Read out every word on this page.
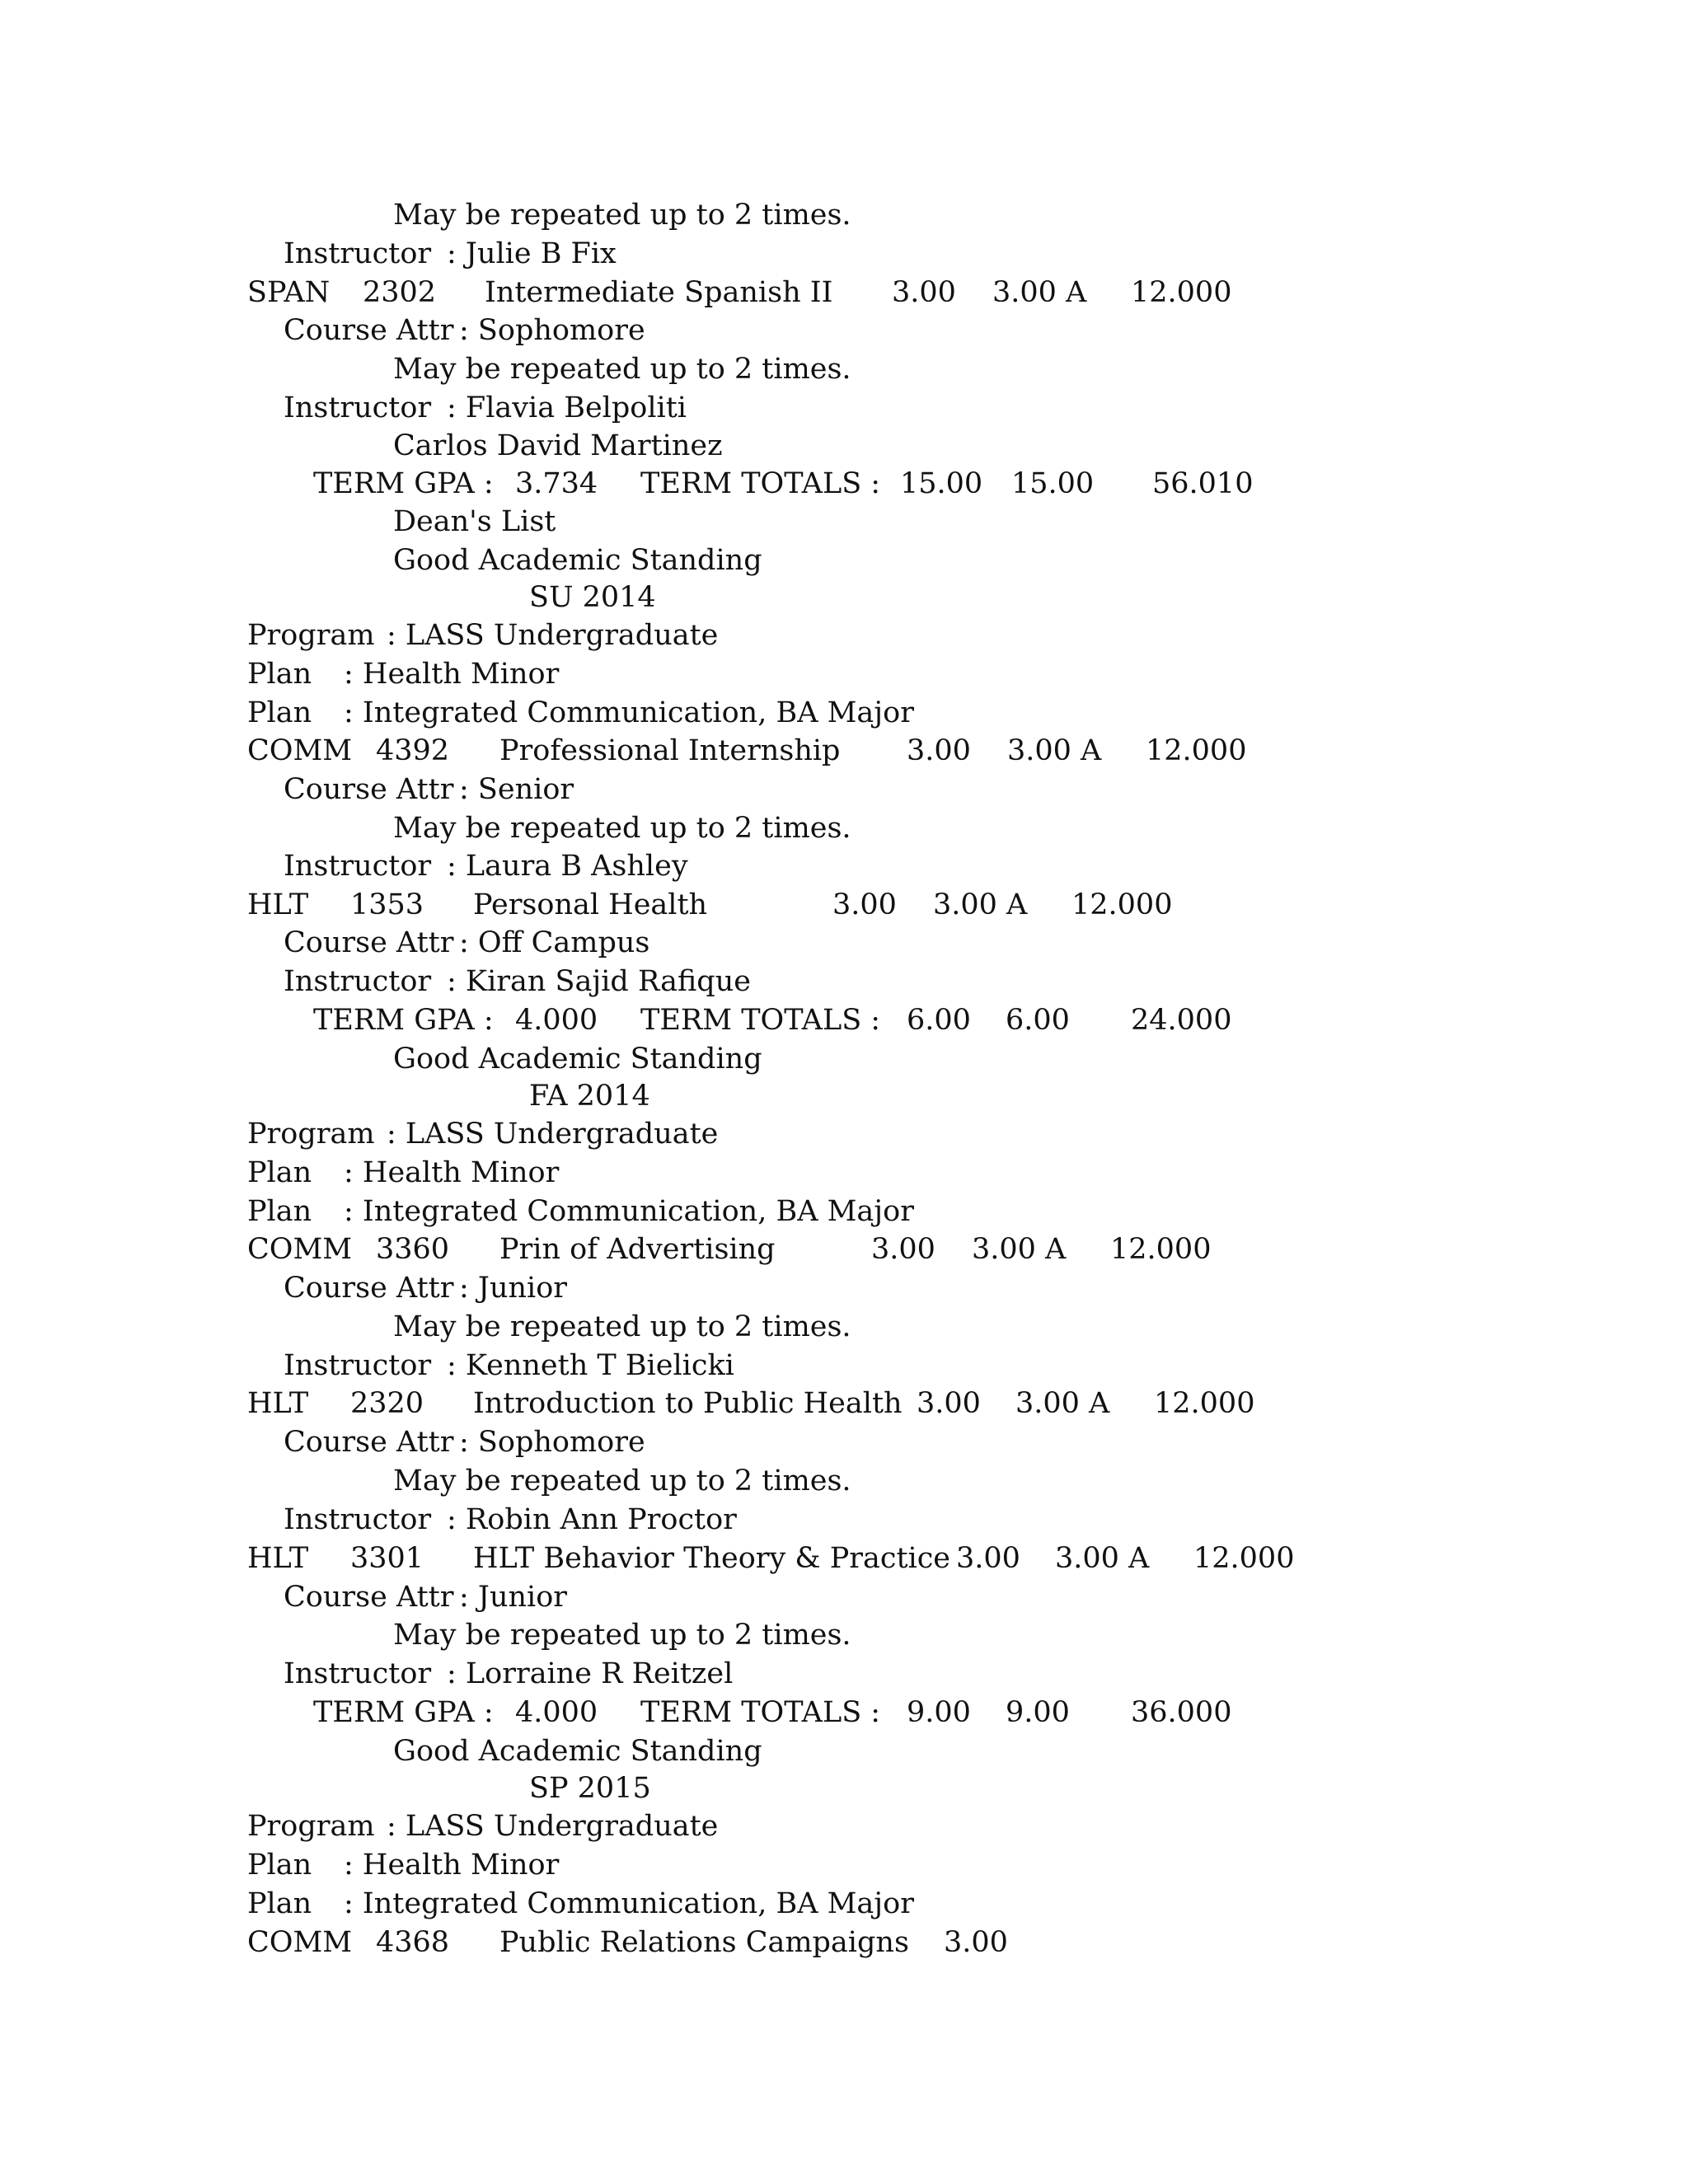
May be repeated up to 2 times.
Instructor : Julie B Fix
SPAN 2302 Intermediate Spanish II 3.00 3.00 A 12.000
Course Attr : Sophomore
May be repeated up to 2 times.
Instructor : Flavia Belpoliti
Carlos David Martinez
TERM GPA : 3.734 TERM TOTALS : 15.00 15.00 56.010
Dean's List
Good Academic Standing
SU 2014
Program : LASS Undergraduate
Plan : Health Minor
Plan : Integrated Communication, BA Major
COMM 4392 Professional Internship 3.00 3.00 A 12.000
Course Attr : Senior
May be repeated up to 2 times.
Instructor : Laura B Ashley
HLT 1353 Personal Health	3.00 3.00 A 12.000
Course Attr : Off Campus
Instructor : Kiran Sajid Rafique
TERM GPA : 4.000 TERM TOTALS : 6.00 6.00 24.000
Good Academic Standing
FA 2014
Program : LASS Undergraduate
Plan : Health Minor
Plan : Integrated Communication, BA Major
COMM 3360 Prin of Advertising	3.00 3.00 A 12.000
Course Attr : Junior
May be repeated up to 2 times.
Instructor : Kenneth T Bielicki
HLT 2320 Introduction to Public Health 3.00 3.00 A 12.000
Course Attr : Sophomore
May be repeated up to 2 times.
Instructor : Robin Ann Proctor
HLT 3301 HLT Behavior Theory & Practice 3.00 3.00 A 12.000
Course Attr : Junior
May be repeated up to 2 times.
Instructor : Lorraine R Reitzel
TERM GPA : 4.000 TERM TOTALS : 9.00 9.00 36.000
Good Academic Standing
SP 2015
Program : LASS Undergraduate
Plan : Health Minor
Plan : Integrated Communication, BA Major
COMM 4368 Public Relations Campaigns 3.00
